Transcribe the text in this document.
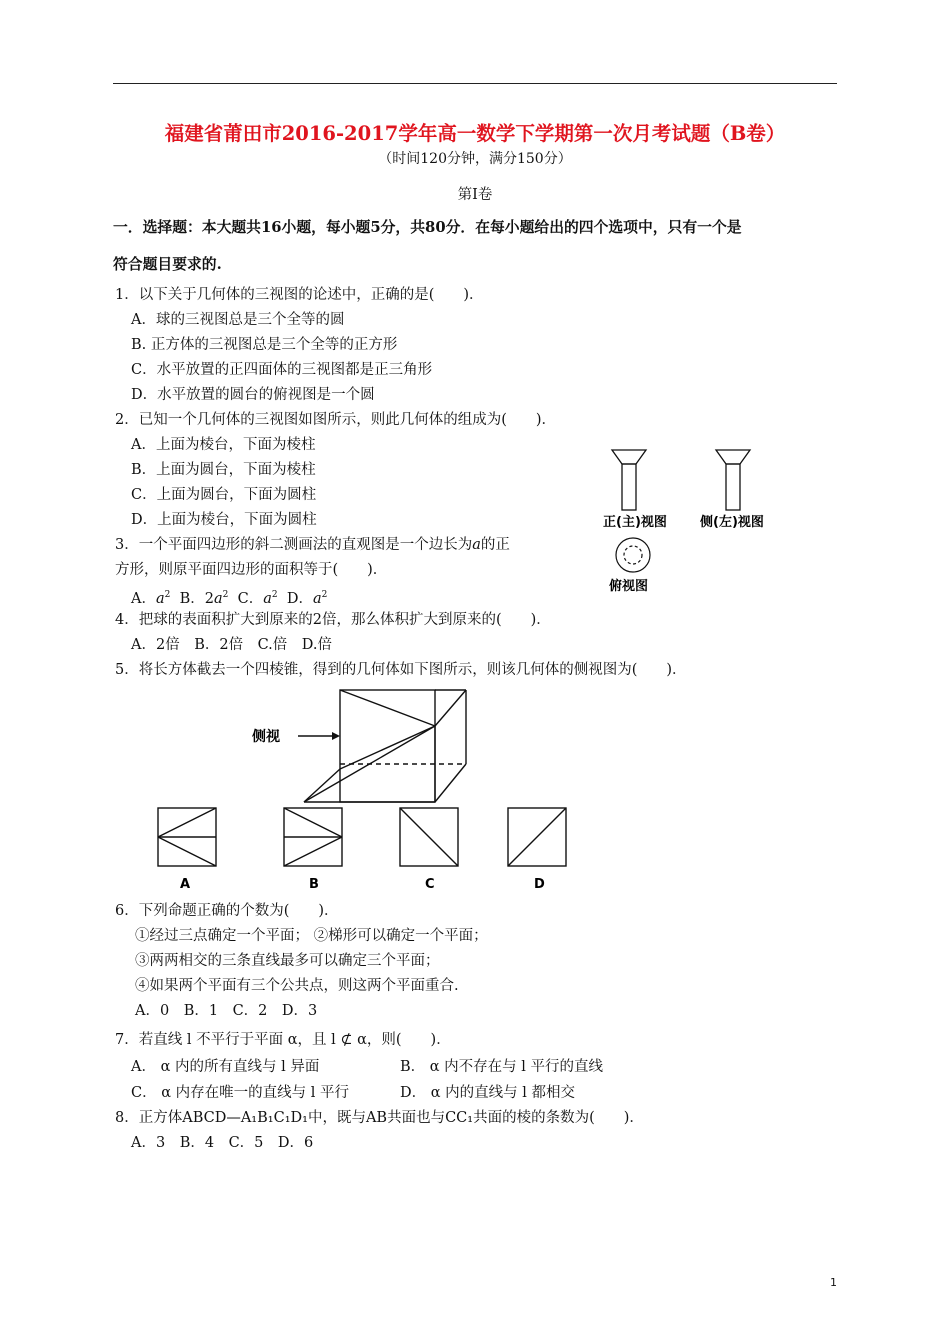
福建省莆田市2016-2017学年高一数学下学期第一次月考试题（B卷）
（时间120分钟，满分150分）
第Ⅰ卷
一．选择题：本大题共16小题，每小题5分，共80分．在每小题给出的四个选项中，只有一个是
符合题目要求的.
1．以下关于几何体的三视图的论述中，正确的是(　　)．
A．球的三视图总是三个全等的圆
B. 正方体的三视图总是三个全等的正方形
C．水平放置的正四面体的三视图都是正三角形
D．水平放置的圆台的俯视图是一个圆
2．已知一个几何体的三视图如图所示，则此几何体的组成为(　　)．
A．上面为棱台，下面为棱柱
B．上面为圆台，下面为棱柱
C．上面为圆台，下面为圆柱
D．上面为棱台，下面为圆柱	正(主)视图	侧(左)视图
俯视图
3．一个平面四边形的斜二测画法的直观图是一个边长为a的正
方形，则原平面四边形的面积等于(　　)．
A．$a^2$ B．$2a^2$ C．$a^2$ D．$a^2$
4．把球的表面积扩大到原来的2倍，那么体积扩大到原来的(　　)．
A．2倍　B．2倍　C.倍　D.倍
5．将长方体截去一个四棱锥，得到的几何体如下图所示，则该几何体的侧视图为(　　)．
侧视
A	B	C	D
6．下列命题正确的个数为(　　)．
①经过三点确定一个平面； ②梯形可以确定一个平面；
③两两相交的三条直线最多可以确定三个平面；
④如果两个平面有三个公共点，则这两个平面重合.
A．0　B．1　C．2　D．3
7．若直线 l 不平行于平面 α，且 l ⊄ α，则(　　)．
A． α 内的所有直线与 l 异面	B． α 内不存在与 l 平行的直线
C． α 内存在唯一的直线与 l 平行	D． α 内的直线与 l 都相交
8．正方体ABCD—A₁B₁C₁D₁中，既与AB共面也与CC₁共面的棱的条数为(　　)．
A．3　B．4　C．5　D．6
1
